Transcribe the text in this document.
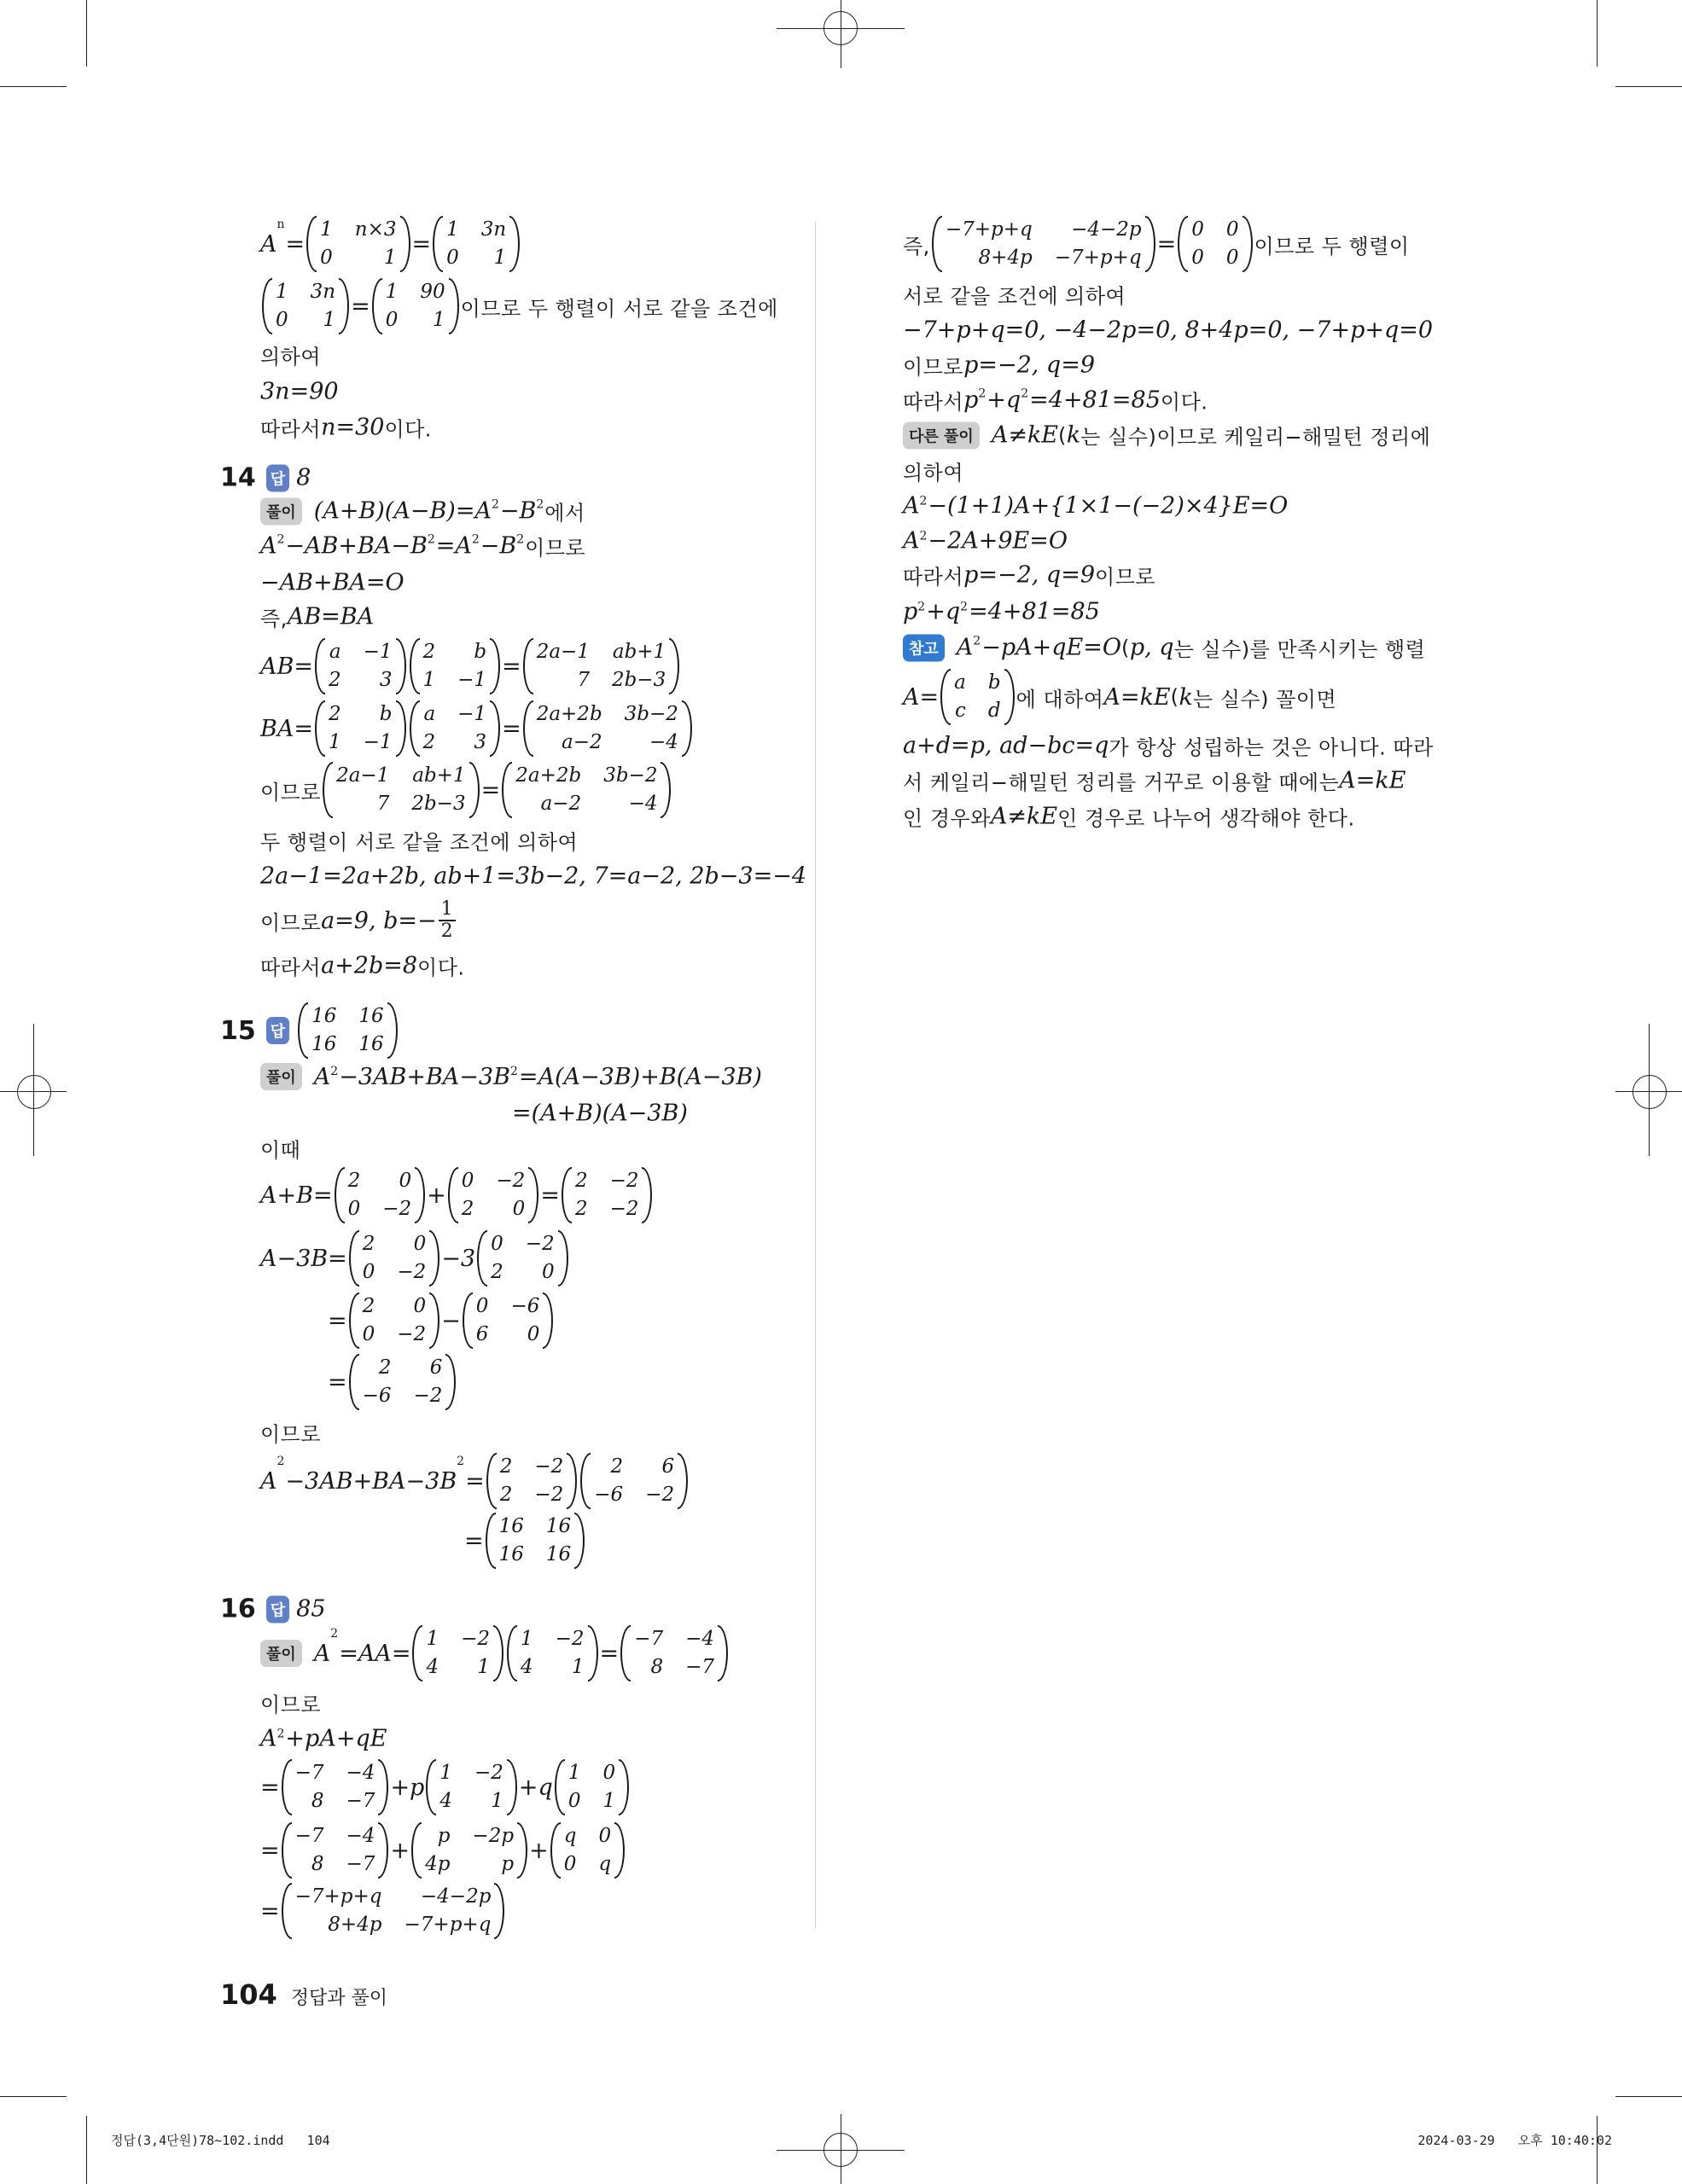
A
n
=
1 n×3
0	1
=
1 3n
0	1
1 3n
0	1
=
1 90
0	1 이므로 두 행렬이 서로 같을 조건에
의하여
3n=90
따라서 n=30 이다.
14 답 8
풀이 (A+B)(A−B)=A 2 −B 2 에서
A 2 −AB+BA−B 2 =A 2 −B 2 이므로
−AB+BA=O
즉, AB=BA
AB=
a −1
2	3
2	b
1 −1
=
2a−1 ab+1
7 2b−3
BA=
2	b
1 −1
a −1
2	3
=
2a+2b 3b−2
a−2	−4
이므로
2a−1 ab+1
7 2b−3
=
2a+2b 3b−2
a−2	−4
두 행렬이 서로 같을 조건에 의하여
2a−1=2a+2b, ab+1=3b−2, 7=a−2, 2b−3=−4
이므로 a=9, $b=- \frac{1}{2}$
따라서 a+2b=8 이다.
15 답
16 16
16 16
풀이 A 2 −3AB+BA−3B 2 =A(A−3B)+B(A−3B)
=(A+B)(A−3B)
이때
A+B=
2	0
0 −2
+
0 −2
2	0
=
2 −2
2 −2
A−3B=
2	0
0 −2
−3
0 −2
2	0
=
2	0
0 −2
−
0 −6
6	0
=
2	6
−6 −2
이므로
A
2
−3AB+BA−3B
2
=
2 −2
2 −2
2	6
−6 −2
=
16 16
16 16
16 답 85
풀이 A
2
=AA=
1 −2
4	1
1 −2
4	1
=
−7 −4
8 −7
이므로
A 2 +pA+qE
=
−7 −4
8 −7
+p
1 −2
4	1
+q
1 0
0 1
=
−7 −4
8 −7
+
p −2p
4p	p
+
q 0
0 q
=
−7+p+q	−4−2p
8+4p −7+p+q
즉,
−7+p+q	−4−2p
8+4p −7+p+q
=
0 0
0 0 이므로 두 행렬이
서로 같을 조건에 의하여
−7+p+q=0, −4−2p=0, 8+4p=0, −7+p+q=0
이므로 p=−2, q=9
따라서 p 2 +q 2 =4+81=85 이다.
다른 풀이 A≠kE ( k 는 실수)이므로 케일리−해밀턴 정리에
의하여
A 2 −(1+1)A+{1×1−(−2)×4}E=O
A 2 −2A+9E=O
따라서 p=−2, q=9 이므로
p 2 +q 2 =4+81=85
참고 A 2 −pA+qE=O ( p, q 는 실수)를 만족시키는 행렬
A=
a b
c d 에 대하여 A=kE ( k 는 실수) 꼴이면
a+d=p, ad−bc=q 가 항상 성립하는 것은 아니다. 따라
서 케일리−해밀턴 정리를 거꾸로 이용할 때에는 A=kE
인 경우와 A≠kE 인 경우로 나누어 생각해야 한다.
104 정답과 풀이
정답(3,4단원)78~102.indd   104	2024-03-29   오후 10:40:02
